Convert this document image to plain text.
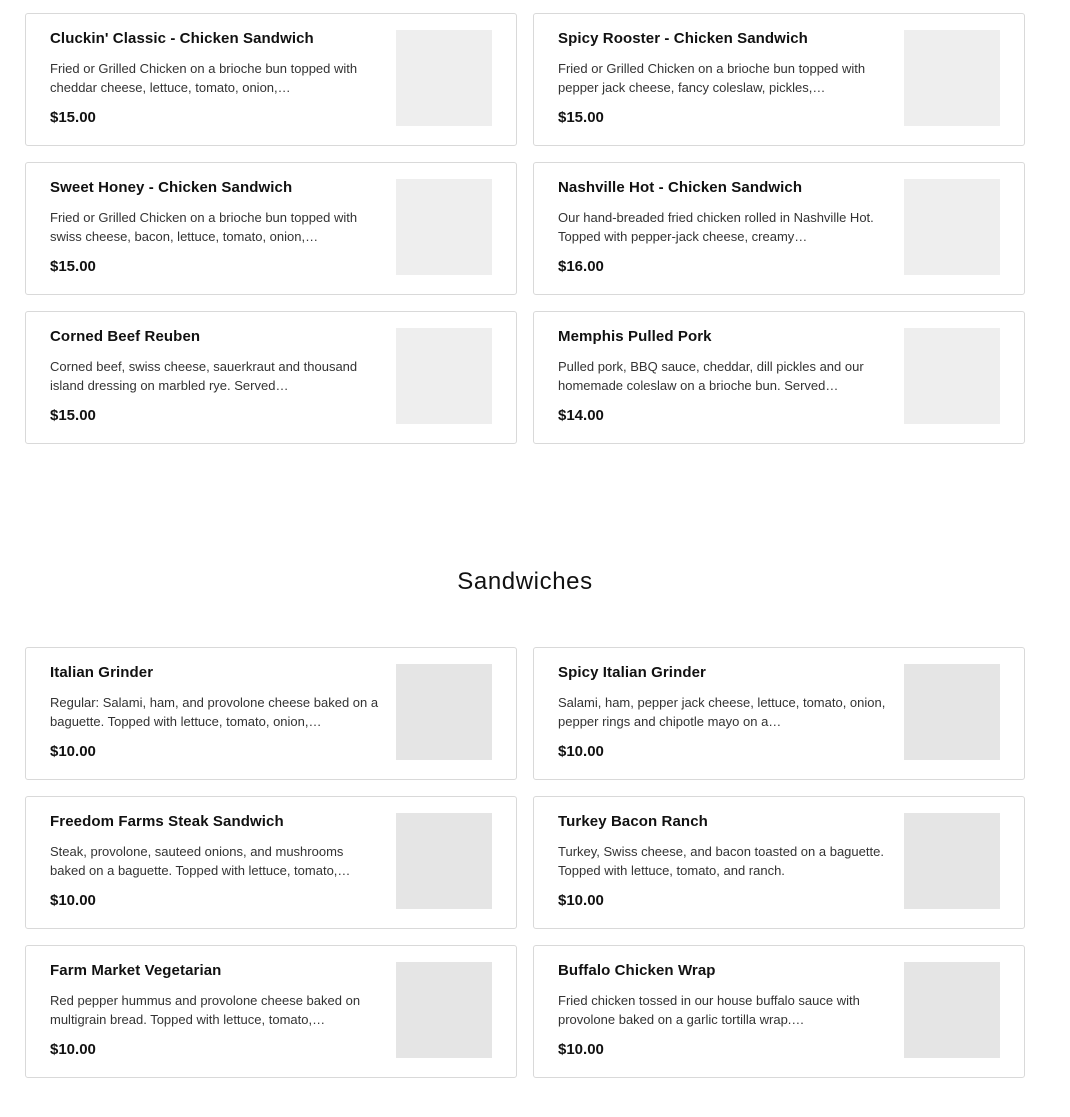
Cluckin' Classic - Chicken Sandwich
Fried or Grilled Chicken on a brioche bun topped with cheddar cheese, lettuce, tomato, onion,…
$15.00
Spicy Rooster - Chicken Sandwich
Fried or Grilled Chicken on a brioche bun topped with pepper jack cheese, fancy coleslaw, pickles,…
$15.00
Sweet Honey - Chicken Sandwich
Fried or Grilled Chicken on a brioche bun topped with swiss cheese, bacon, lettuce, tomato, onion,…
$15.00
Nashville Hot - Chicken Sandwich
Our hand-breaded fried chicken rolled in Nashville Hot. Topped with pepper-jack cheese, creamy…
$16.00
Corned Beef Reuben
Corned beef, swiss cheese, sauerkraut and thousand island dressing on marbled rye. Served…
$15.00
Memphis Pulled Pork
Pulled pork, BBQ sauce, cheddar, dill pickles and our homemade coleslaw on a brioche bun. Served…
$14.00
Sandwiches
Italian Grinder
Regular: Salami, ham, and provolone cheese baked on a baguette. Topped with lettuce, tomato, onion,…
$10.00
Spicy Italian Grinder
Salami, ham, pepper jack cheese, lettuce, tomato, onion, pepper rings and chipotle mayo on a…
$10.00
Freedom Farms Steak Sandwich
Steak, provolone, sauteed onions, and mushrooms baked on a baguette. Topped with lettuce, tomato,…
$10.00
Turkey Bacon Ranch
Turkey, Swiss cheese, and bacon toasted on a baguette. Topped with lettuce, tomato, and ranch.
$10.00
Farm Market Vegetarian
Red pepper hummus and provolone cheese baked on multigrain bread. Topped with lettuce, tomato,…
$10.00
Buffalo Chicken Wrap
Fried chicken tossed in our house buffalo sauce with provolone baked on a garlic tortilla wrap.…
$10.00
